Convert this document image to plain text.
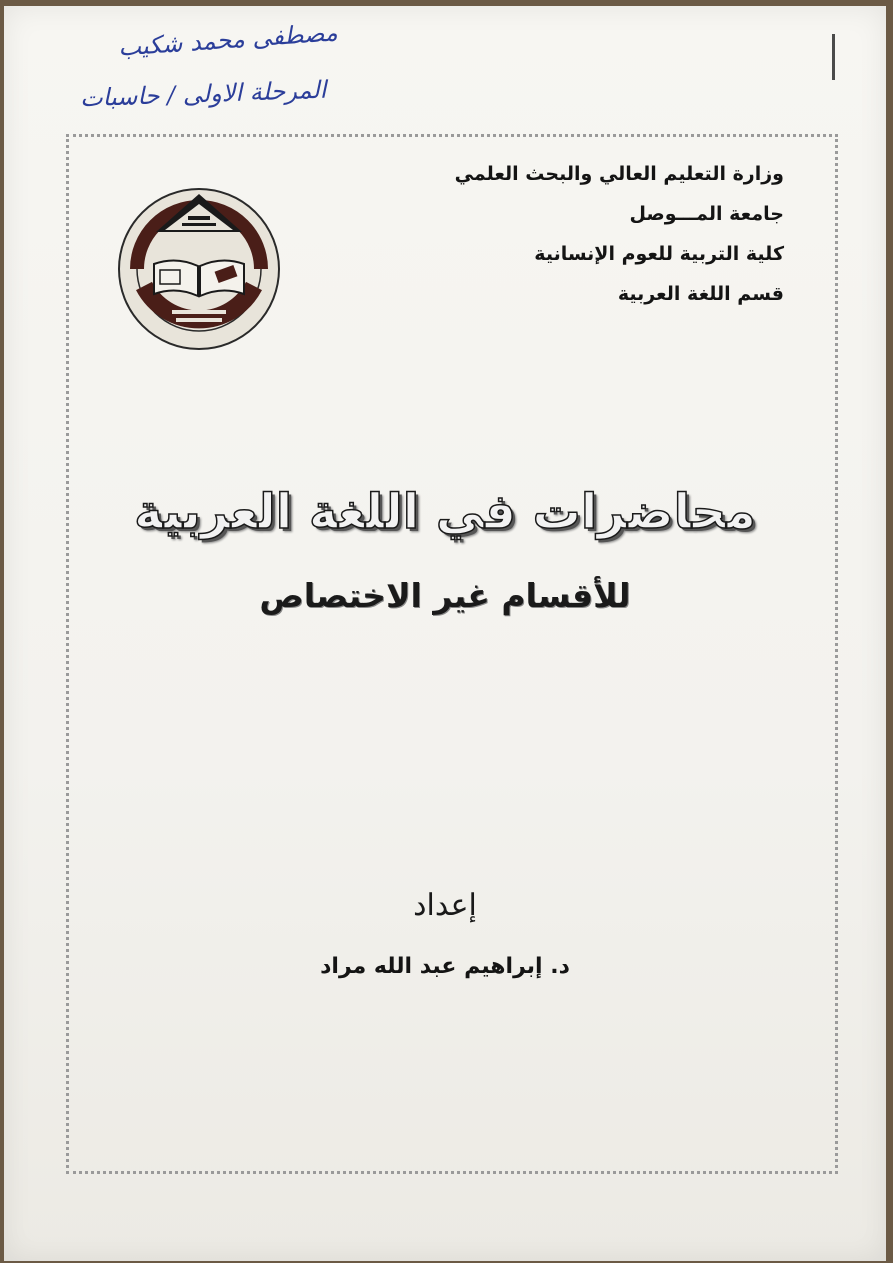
مصطفى محمد شكيب
المرحلة الاولى / حاسبات
وزارة التعليم العالي والبحث العلمي
جامعة المـــوصل
كلية التربية للعوم الإنسانية
قسم اللغة العربية
محاضرات في اللغة العربية
للأقسام غير الاختصاص
إعداد
د. إبراهيم عبد الله مراد
